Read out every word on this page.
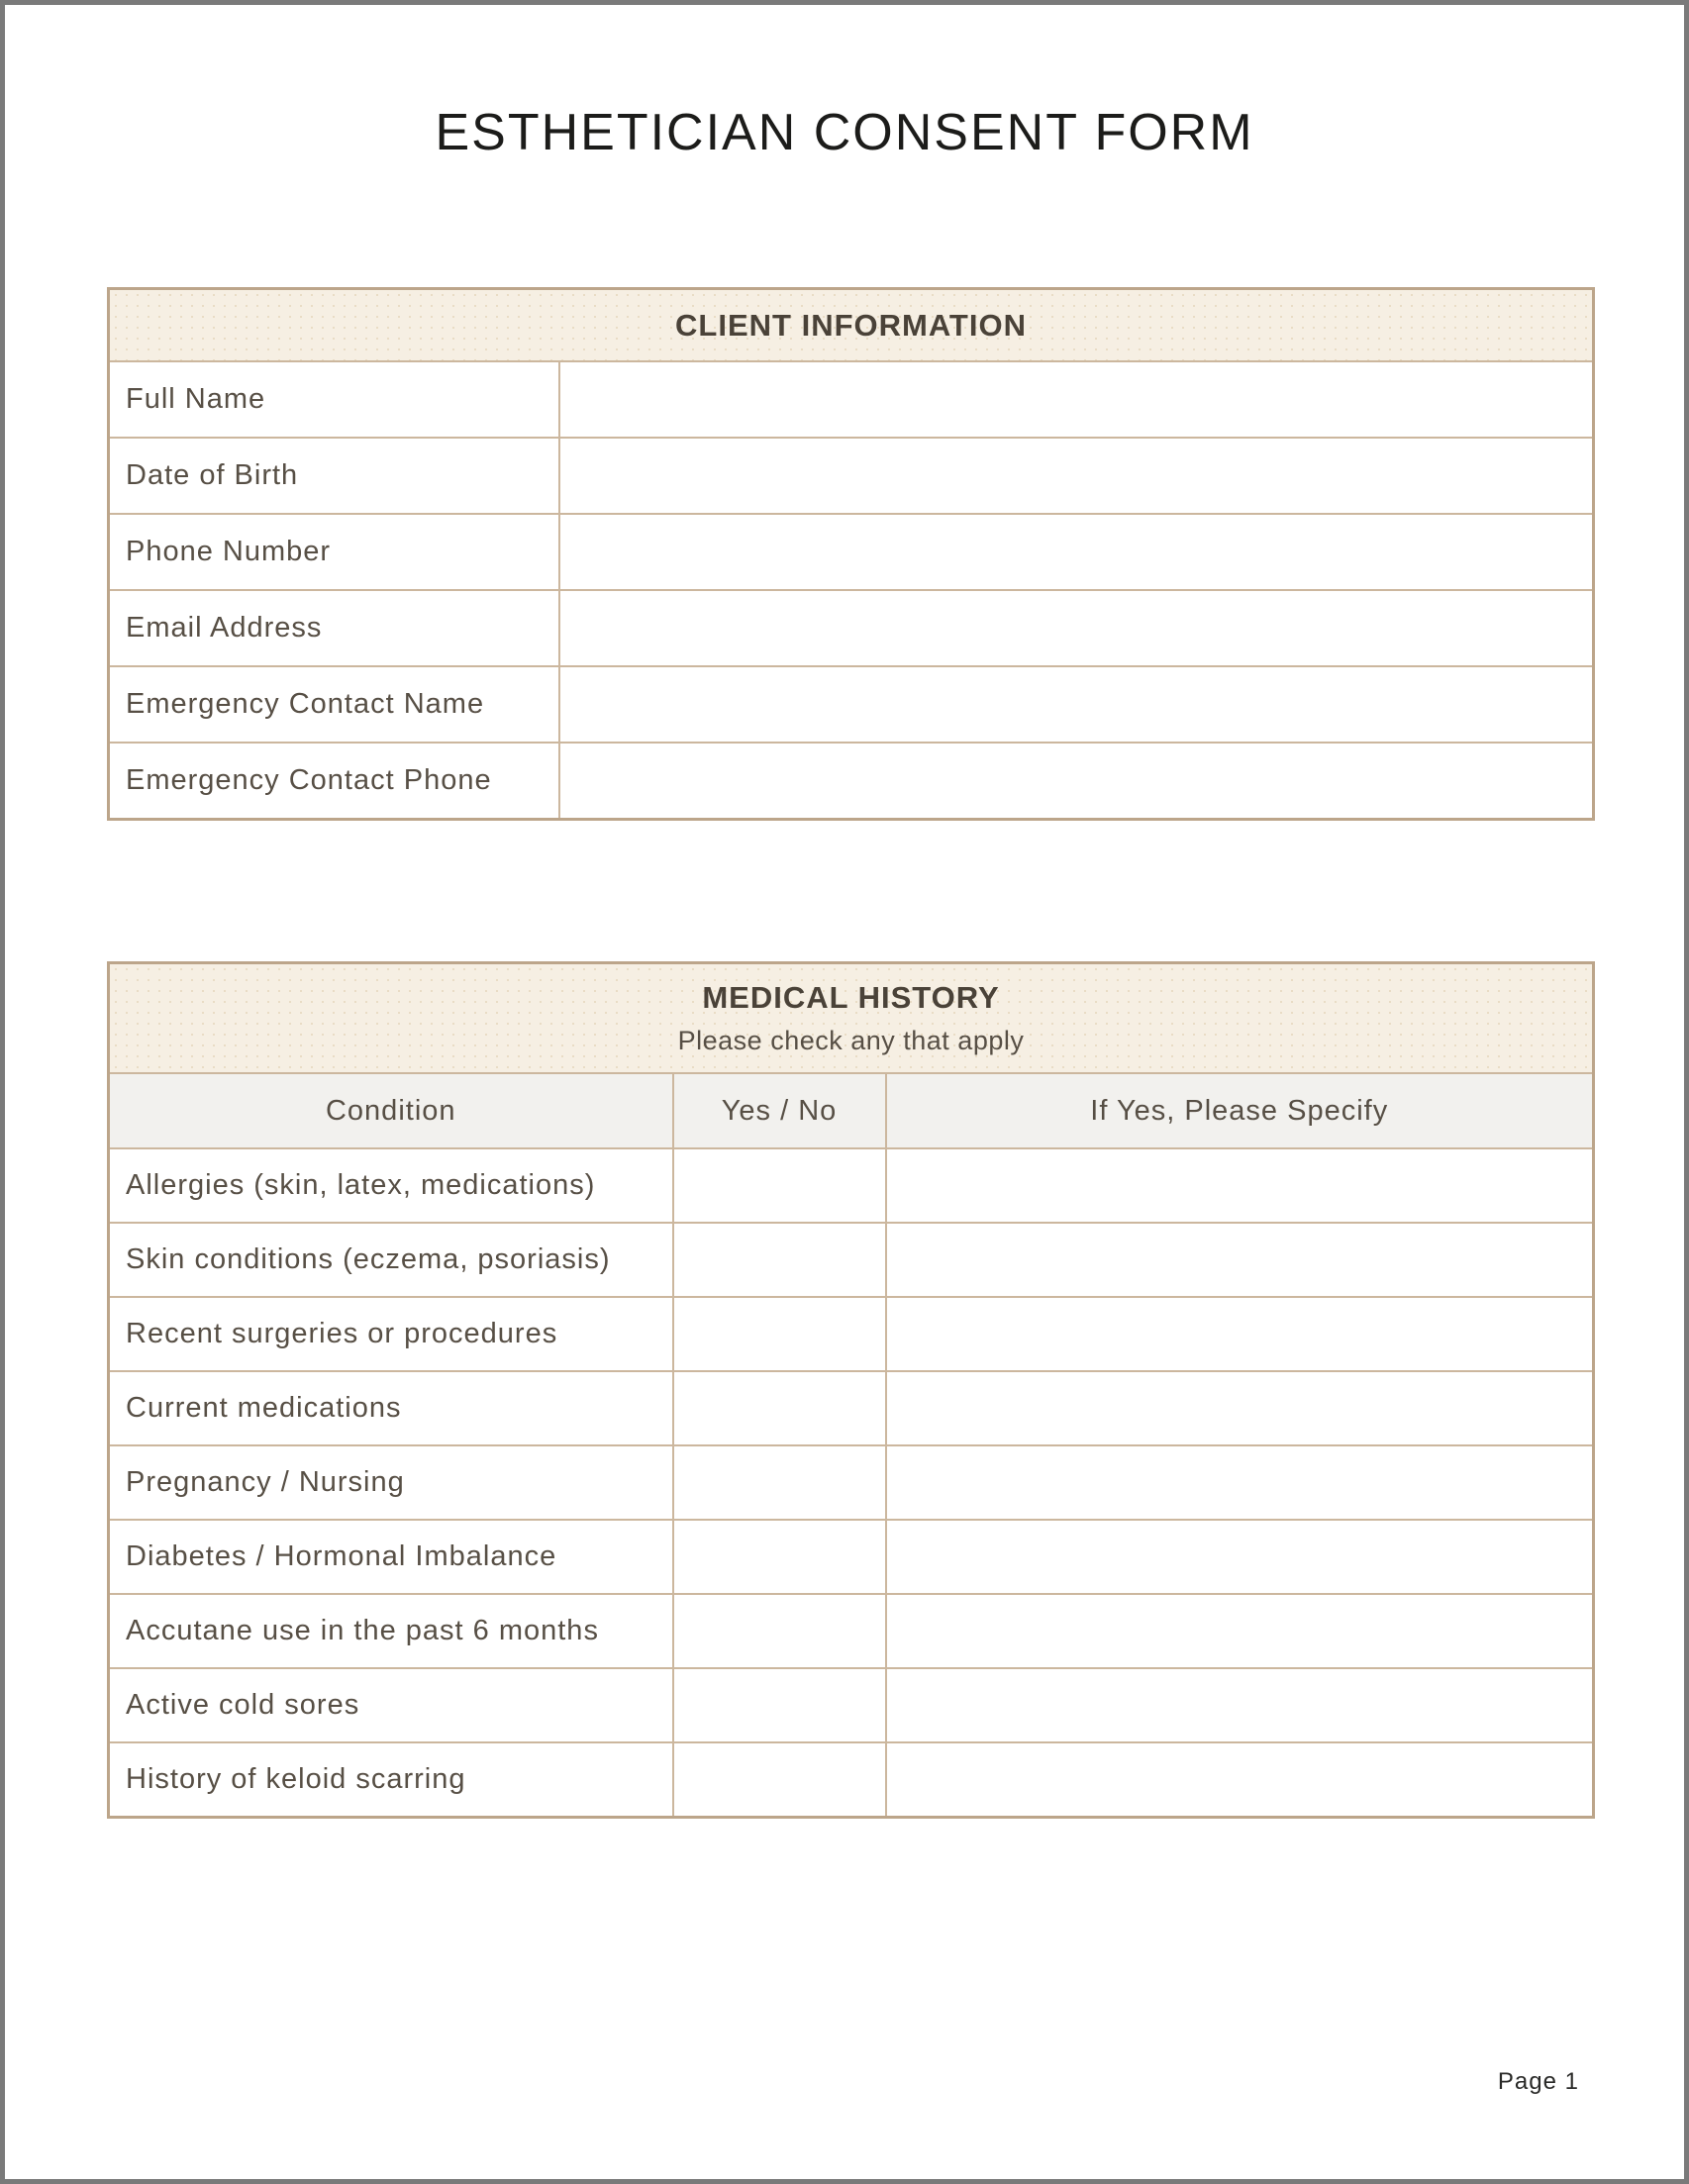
ESTHETICIAN CONSENT FORM
CLIENT INFORMATION	
Full Name	
Date of Birth	
Phone Number	
Email Address	
Emergency Contact Name	
Emergency Contact Phone	
MEDICAL HISTORY
Please check any that apply		

Condition	Yes / No	If Yes, Please Specify
Allergies (skin, latex, medications)		
Skin conditions (eczema, psoriasis)		
Recent surgeries or procedures		
Current medications		
Pregnancy / Nursing		
Diabetes / Hormonal Imbalance		
Accutane use in the past 6 months		
Active cold sores		
History of keloid scarring		
Page 1
